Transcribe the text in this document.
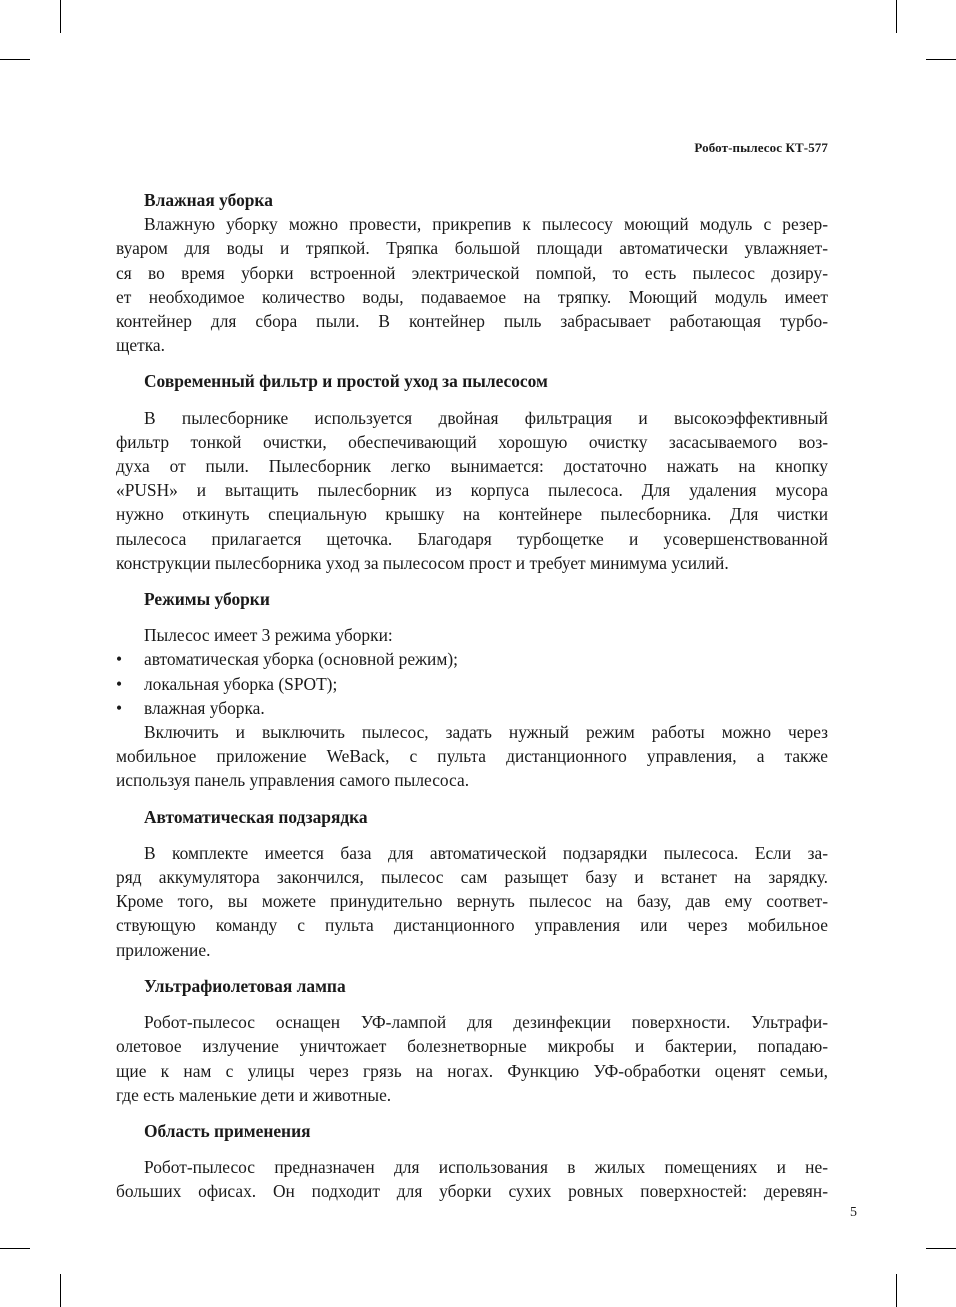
Робот-пылесос КТ-577
Влажная уборка
Влажную уборку можно провести, прикрепив к пылесосу моющий модуль с резер-
вуаром для воды и тряпкой. Тряпка большой площади автоматически увлажняет-
ся во время уборки встроенной электрической помпой, то есть пылесос дозиру-
ет необходимое количество воды, подаваемое на тряпку. Моющий модуль имеет
контейнер для сбора пыли. В контейнер пыль забрасывает работающая турбо-
щетка.
Современный фильтр и простой уход за пылесосом
В пылесборнике используется двойная фильтрация и высокоэффективный
фильтр тонкой очистки, обеспечивающий хорошую очистку засасываемого воз-
духа от пыли. Пылесборник легко вынимается: достаточно нажать на кнопку
«PUSH» и вытащить пылесборник из корпуса пылесоса. Для удаления мусора
нужно откинуть специальную крышку на контейнере пылесборника. Для чистки
пылесоса прилагается щеточка. Благодаря турбощетке и усовершенствованной
конструкции пылесборника уход за пылесосом прост и требует минимума усилий.
Режимы уборки
Пылесос имеет 3 режима уборки:
• автоматическая уборка (основной режим);
• локальная уборка (SPOT);
• влажная уборка.
Включить и выключить пылесос, задать нужный режим работы можно через
мобильное приложение WeBack, с пульта дистанционного управления, а также
используя панель управления самого пылесоса.
Автоматическая подзарядка
В комплекте имеется база для автоматической подзарядки пылесоса. Если за-
ряд аккумулятора закончился, пылесос сам разыщет базу и встанет на зарядку.
Кроме того, вы можете принудительно вернуть пылесос на базу, дав ему соответ-
ствующую команду с пульта дистанционного управления или через мобильное
приложение.
Ультрафиолетовая лампа
Робот-пылесос оснащен УФ-лампой для дезинфекции поверхности. Ультрафи-
олетовое излучение уничтожает болезнетворные микробы и бактерии, попадаю-
щие к нам с улицы через грязь на ногах. Функцию УФ-обработки оценят семьи,
где есть маленькие дети и животные.
Область применения
Робот-пылесос предназначен для использования в жилых помещениях и не-
больших офисах. Он подходит для уборки сухих ровных поверхностей: деревян-
5
